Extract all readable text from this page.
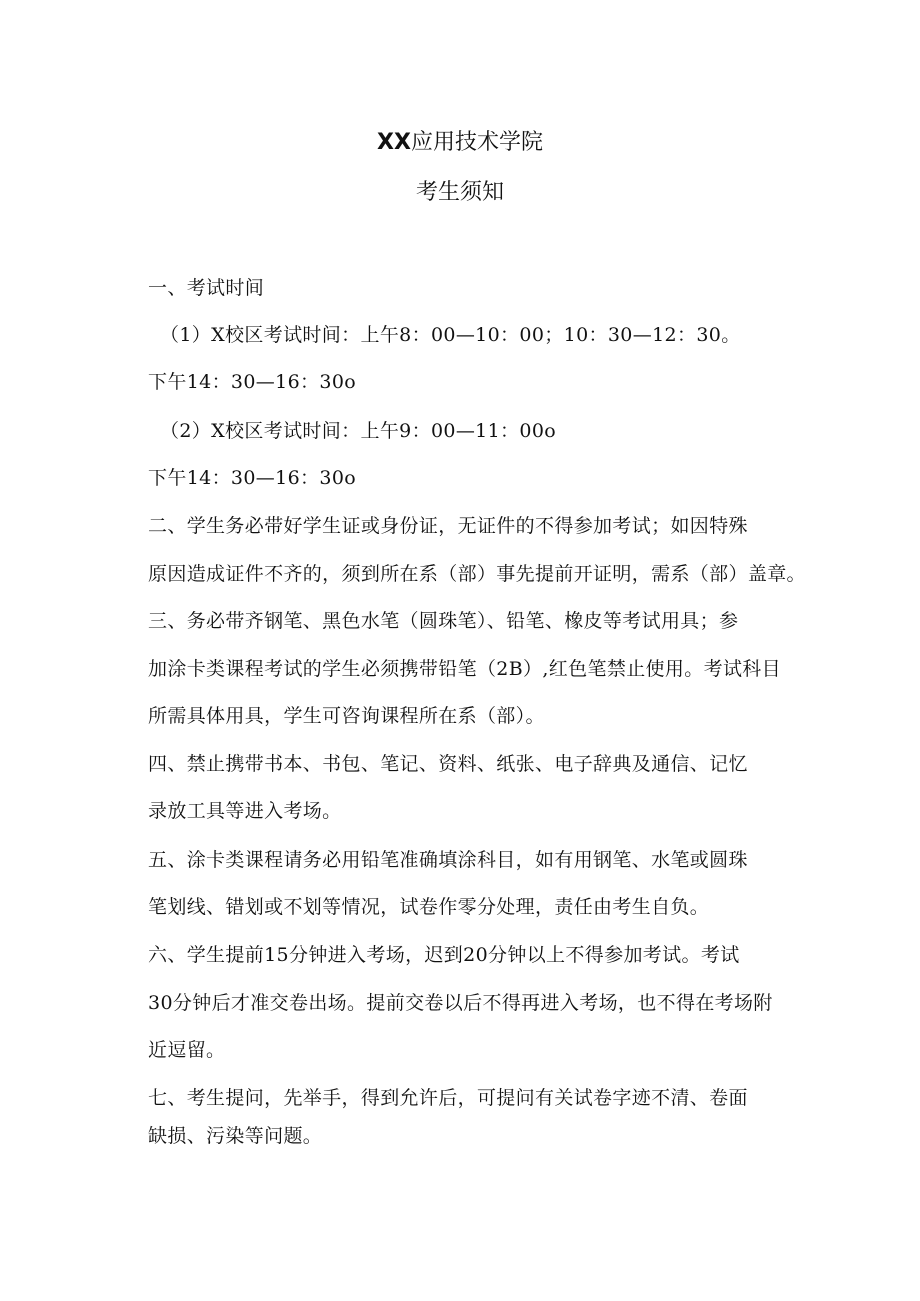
XX应用技术学院
考生须知
一、考试时间
（1）X校区考试时间：上午8：00—10：00；10：30—12：30。
下午14：30—16：30o
（2）X校区考试时间：上午9：00—11：00o
下午14：30—16：30o
二、学生务必带好学生证或身份证，无证件的不得参加考试；如因特殊
原因造成证件不齐的，须到所在系（部）事先提前开证明，需系（部）盖章。
三、务必带齐钢笔、黑色水笔（圆珠笔）、铅笔、橡皮等考试用具；参
加涂卡类课程考试的学生必须携带铅笔（2B）,红色笔禁止使用。考试科目
所需具体用具，学生可咨询课程所在系（部）。
四、禁止携带书本、书包、笔记、资料、纸张、电子辞典及通信、记忆
录放工具等进入考场。
五、涂卡类课程请务必用铅笔准确填涂科目，如有用钢笔、水笔或圆珠
笔划线、错划或不划等情况，试卷作零分处理，责任由考生自负。
六、学生提前15分钟进入考场，迟到20分钟以上不得参加考试。考试
30分钟后才准交卷出场。提前交卷以后不得再进入考场，也不得在考场附
近逗留。
七、考生提问，先举手，得到允许后，可提问有关试卷字迹不清、卷面
缺损、污染等问题。
